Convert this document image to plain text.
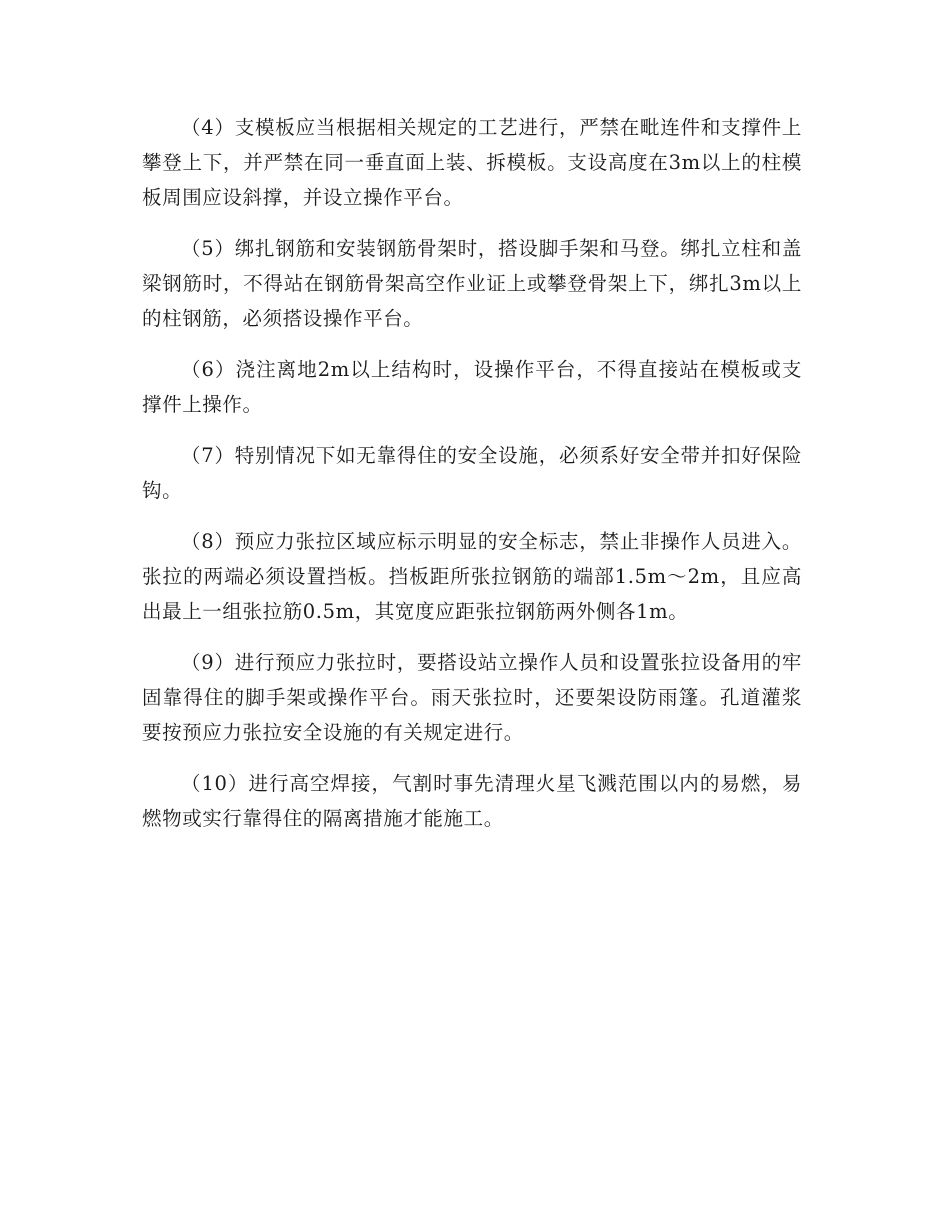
（4）支模板应当根据相关规定的工艺进行，严禁在毗连件和支撑件上攀登上下，并严禁在同一垂直面上装、拆模板。支设高度在3m以上的柱模板周围应设斜撑，并设立操作平台。

（5）绑扎钢筋和安装钢筋骨架时，搭设脚手架和马登。绑扎立柱和盖梁钢筋时，不得站在钢筋骨架高空作业证上或攀登骨架上下，绑扎3m以上的柱钢筋，必须搭设操作平台。

（6）浇注离地2m以上结构时，设操作平台，不得直接站在模板或支撑件上操作。

（7）特别情况下如无靠得住的安全设施，必须系好安全带并扣好保险钩。

（8）预应力张拉区域应标示明显的安全标志，禁止非操作人员进入。张拉的两端必须设置挡板。挡板距所张拉钢筋的端部1.5m～2m，且应高出最上一组张拉筋0.5m，其宽度应距张拉钢筋两外侧各1m。

（9）进行预应力张拉时，要搭设站立操作人员和设置张拉设备用的牢固靠得住的脚手架或操作平台。雨天张拉时，还要架设防雨篷。孔道灌浆要按预应力张拉安全设施的有关规定进行。

（10）进行高空焊接，气割时事先清理火星飞溅范围以内的易燃，易燃物或实行靠得住的隔离措施才能施工。
